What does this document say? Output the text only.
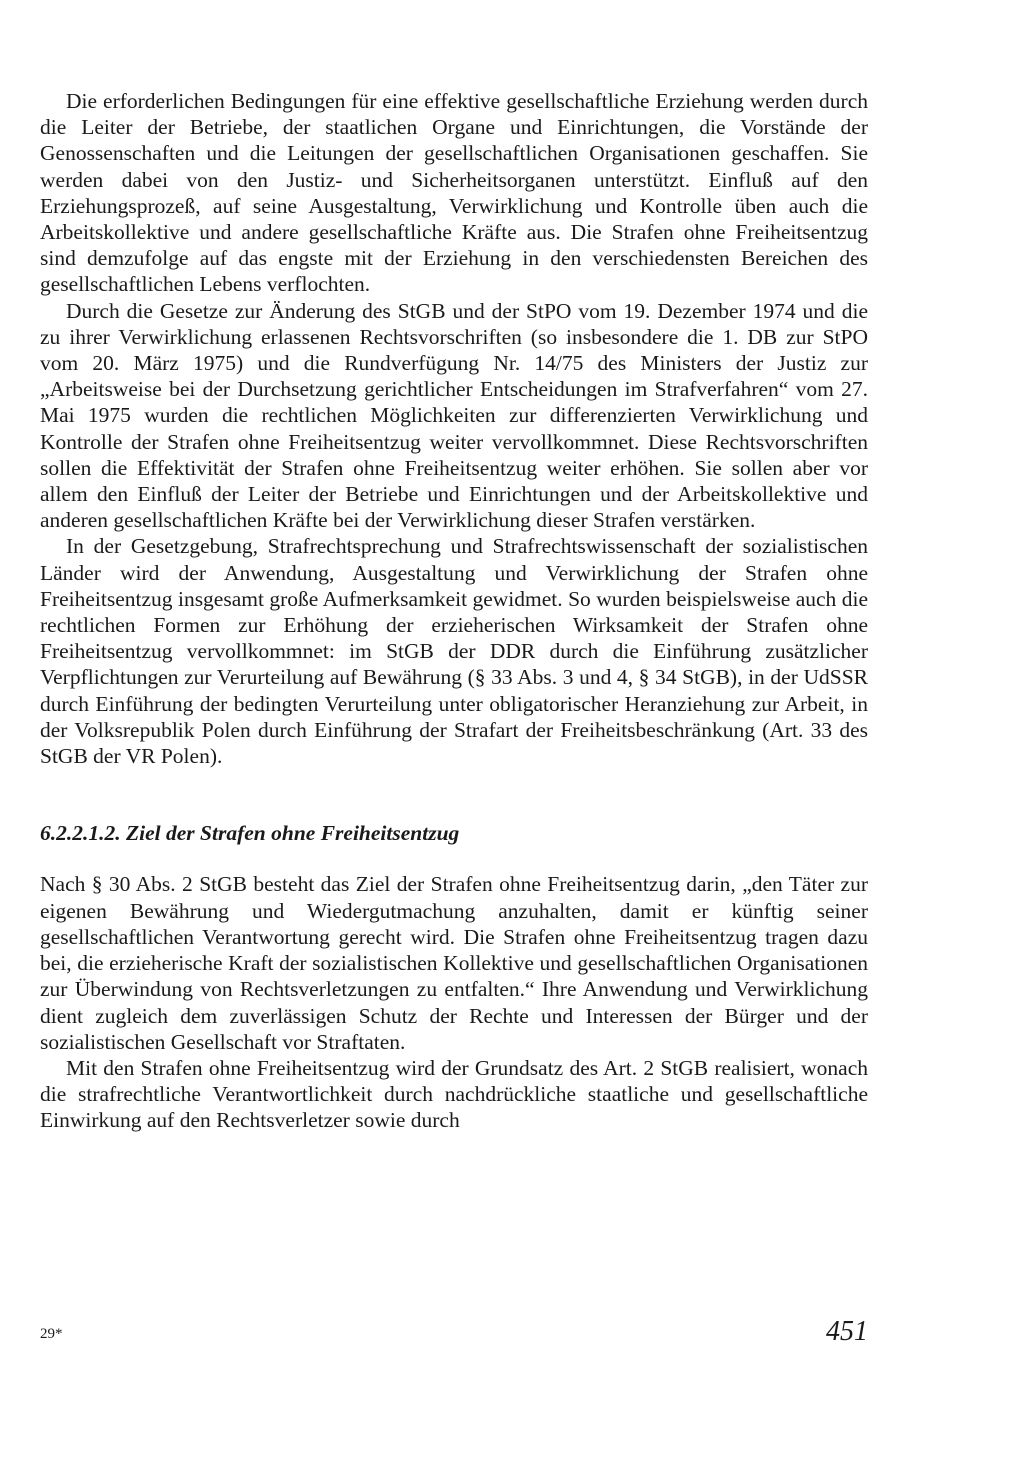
Die erforderlichen Bedingungen für eine effektive gesellschaftliche Erziehung werden durch die Leiter der Betriebe, der staatlichen Organe und Einrichtungen, die Vorstände der Genossenschaften und die Leitungen der gesellschaftlichen Organisationen geschaffen. Sie werden dabei von den Justiz- und Sicherheitsorganen unterstützt. Einfluß auf den Erziehungsprozeß, auf seine Ausgestaltung, Verwirklichung und Kontrolle üben auch die Arbeitskollektive und andere gesellschaftliche Kräfte aus. Die Strafen ohne Freiheitsentzug sind demzufolge auf das engste mit der Erziehung in den verschiedensten Bereichen des gesellschaftlichen Lebens verflochten.

Durch die Gesetze zur Änderung des StGB und der StPO vom 19. Dezember 1974 und die zu ihrer Verwirklichung erlassenen Rechtsvorschriften (so insbesondere die 1. DB zur StPO vom 20. März 1975) und die Rundverfügung Nr. 14/75 des Ministers der Justiz zur „Arbeitsweise bei der Durchsetzung gerichtlicher Entscheidungen im Strafverfahren“ vom 27. Mai 1975 wurden die rechtlichen Möglichkeiten zur differenzierten Verwirklichung und Kontrolle der Strafen ohne Freiheitsentzug weiter vervollkommnet. Diese Rechtsvorschriften sollen die Effektivität der Strafen ohne Freiheitsentzug weiter erhöhen. Sie sollen aber vor allem den Einfluß der Leiter der Betriebe und Einrichtungen und der Arbeitskollektive und anderen gesellschaftlichen Kräfte bei der Verwirklichung dieser Strafen verstärken.

In der Gesetzgebung, Strafrechtsprechung und Strafrechtswissenschaft der sozialistischen Länder wird der Anwendung, Ausgestaltung und Verwirklichung der Strafen ohne Freiheitsentzug insgesamt große Aufmerksamkeit gewidmet. So wurden beispielsweise auch die rechtlichen Formen zur Erhöhung der erzieherischen Wirksamkeit der Strafen ohne Freiheitsentzug vervollkommnet: im StGB der DDR durch die Einführung zusätzlicher Verpflichtungen zur Verurteilung auf Bewährung (§ 33 Abs. 3 und 4, § 34 StGB), in der UdSSR durch Einführung der bedingten Verurteilung unter obligatorischer Heranziehung zur Arbeit, in der Volksrepublik Polen durch Einführung der Strafart der Freiheitsbeschränkung (Art. 33 des StGB der VR Polen).

6.2.2.1.2. Ziel der Strafen ohne Freiheitsentzug

Nach § 30 Abs. 2 StGB besteht das Ziel der Strafen ohne Freiheitsentzug darin, „den Täter zur eigenen Bewährung und Wiedergutmachung anzuhalten, damit er künftig seiner gesellschaftlichen Verantwortung gerecht wird. Die Strafen ohne Freiheitsentzug tragen dazu bei, die erzieherische Kraft der sozialistischen Kollektive und gesellschaftlichen Organisationen zur Überwindung von Rechtsverletzungen zu entfalten.“ Ihre Anwendung und Verwirklichung dient zugleich dem zuverlässigen Schutz der Rechte und Interessen der Bürger und der sozialistischen Gesellschaft vor Straftaten.

Mit den Strafen ohne Freiheitsentzug wird der Grundsatz des Art. 2 StGB realisiert, wonach die strafrechtliche Verantwortlichkeit durch nachdrückliche staatliche und gesellschaftliche Einwirkung auf den Rechtsverletzer sowie durch

29*	451
